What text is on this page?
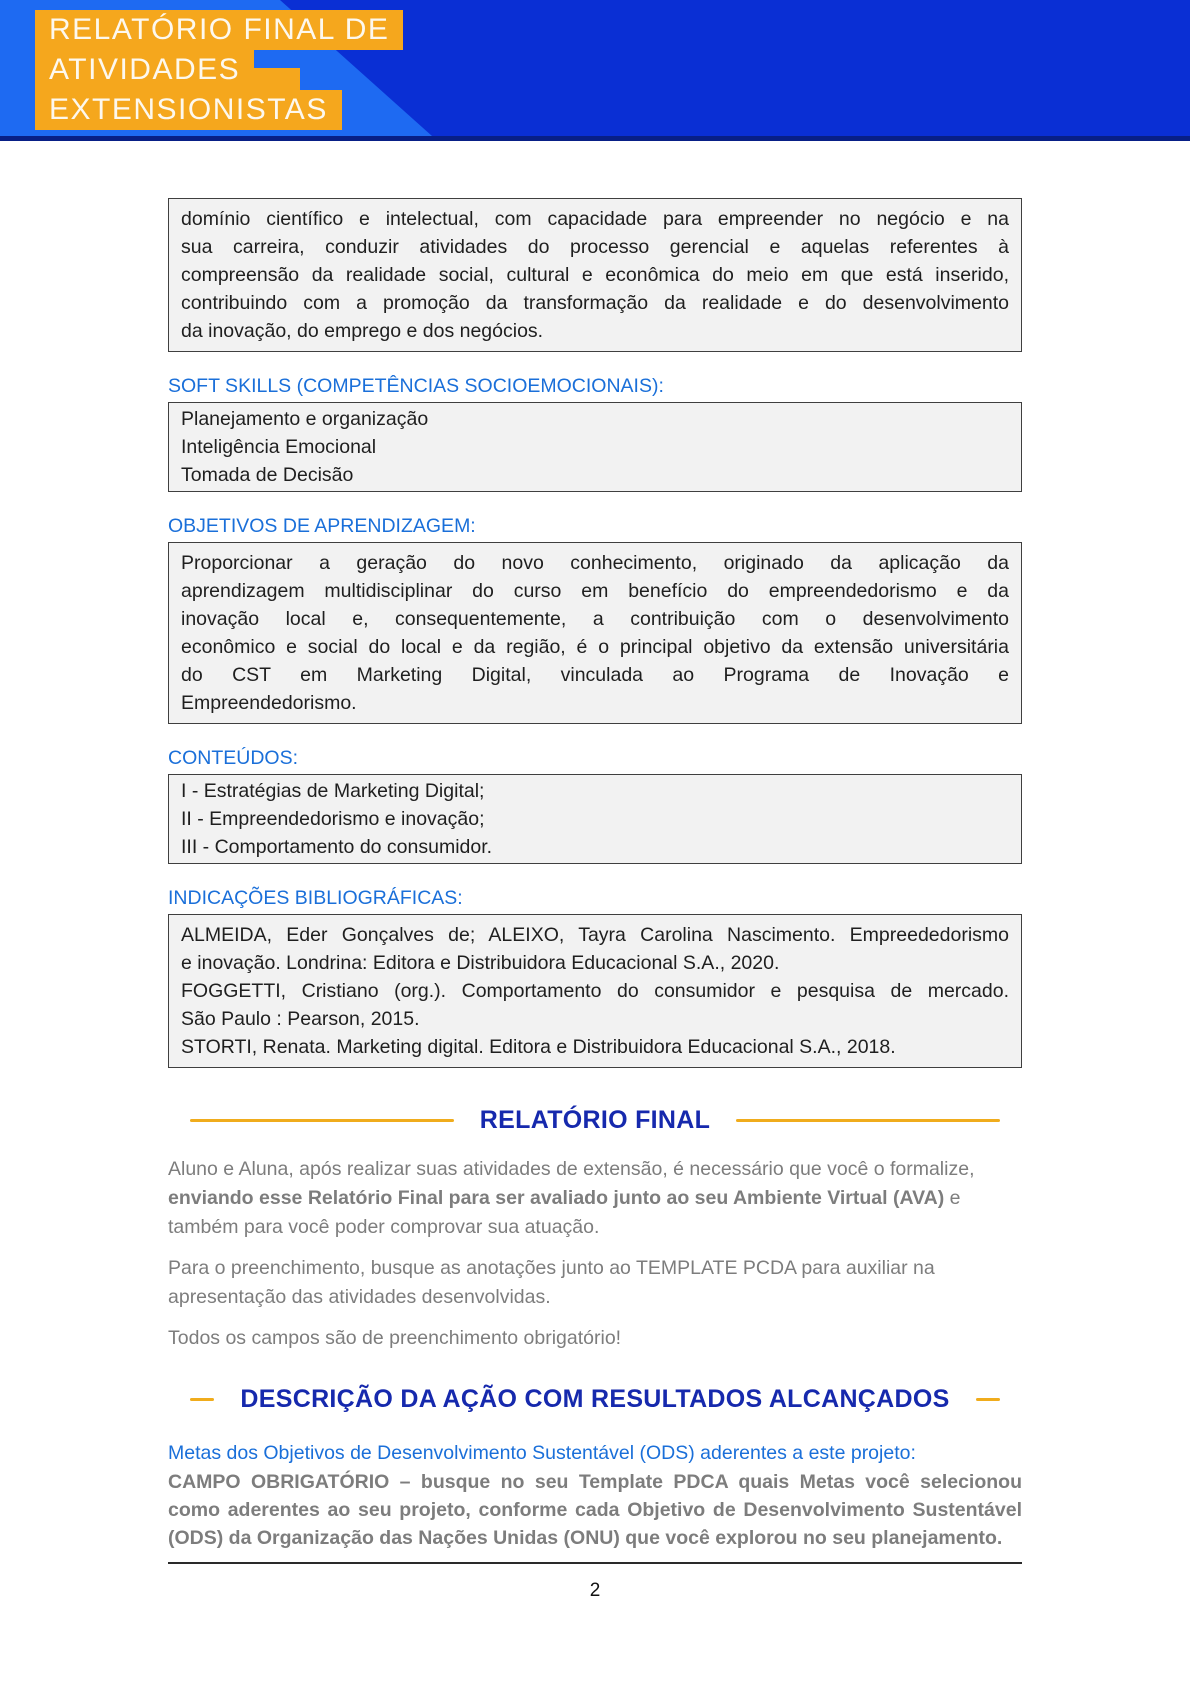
RELATÓRIO FINAL DE
ATIVIDADES
EXTENSIONISTAS
domínio científico e intelectual, com capacidade para empreender no negócio e na
sua carreira, conduzir atividades do processo gerencial e aquelas referentes à
compreensão da realidade social, cultural e econômica do meio em que está inserido,
contribuindo com a promoção da transformação da realidade e do desenvolvimento
da inovação, do emprego e dos negócios.
SOFT SKILLS (COMPETÊNCIAS SOCIOEMOCIONAIS):
Planejamento e organização
Inteligência Emocional
Tomada de Decisão
OBJETIVOS DE APRENDIZAGEM:
Proporcionar a geração do novo conhecimento, originado da aplicação da
aprendizagem multidisciplinar do curso em benefício do empreendedorismo e da
inovação local e, consequentemente, a contribuição com o desenvolvimento
econômico e social do local e da região, é o principal objetivo da extensão universitária
do CST em Marketing Digital, vinculada ao Programa de Inovação e
Empreendedorismo.
CONTEÚDOS:
I - Estratégias de Marketing Digital;
II - Empreendedorismo e inovação;
III - Comportamento do consumidor.
INDICAÇÕES BIBLIOGRÁFICAS:
ALMEIDA, Eder Gonçalves de; ALEIXO, Tayra Carolina Nascimento. Empreededorismo
e inovação. Londrina: Editora e Distribuidora Educacional S.A., 2020.
FOGGETTI, Cristiano (org.). Comportamento do consumidor e pesquisa de mercado.
São Paulo : Pearson, 2015.
STORTI, Renata. Marketing digital. Editora e Distribuidora Educacional S.A., 2018.
RELATÓRIO FINAL

Aluno e Aluna, após realizar suas atividades de extensão, é necessário que você o formalize, enviando esse Relatório Final para ser avaliado junto ao seu Ambiente Virtual (AVA) e também para você poder comprovar sua atuação.

Para o preenchimento, busque as anotações junto ao TEMPLATE PCDA para auxiliar na apresentação das atividades desenvolvidas.

Todos os campos são de preenchimento obrigatório!

DESCRIÇÃO DA AÇÃO COM RESULTADOS ALCANÇADOS
Metas dos Objetivos de Desenvolvimento Sustentável (ODS) aderentes a este projeto:
CAMPO OBRIGATÓRIO – busque no seu Template PDCA quais Metas você selecionou como aderentes ao seu projeto, conforme cada Objetivo de Desenvolvimento Sustentável (ODS) da Organização das Nações Unidas (ONU) que você explorou no seu planejamento.
2
